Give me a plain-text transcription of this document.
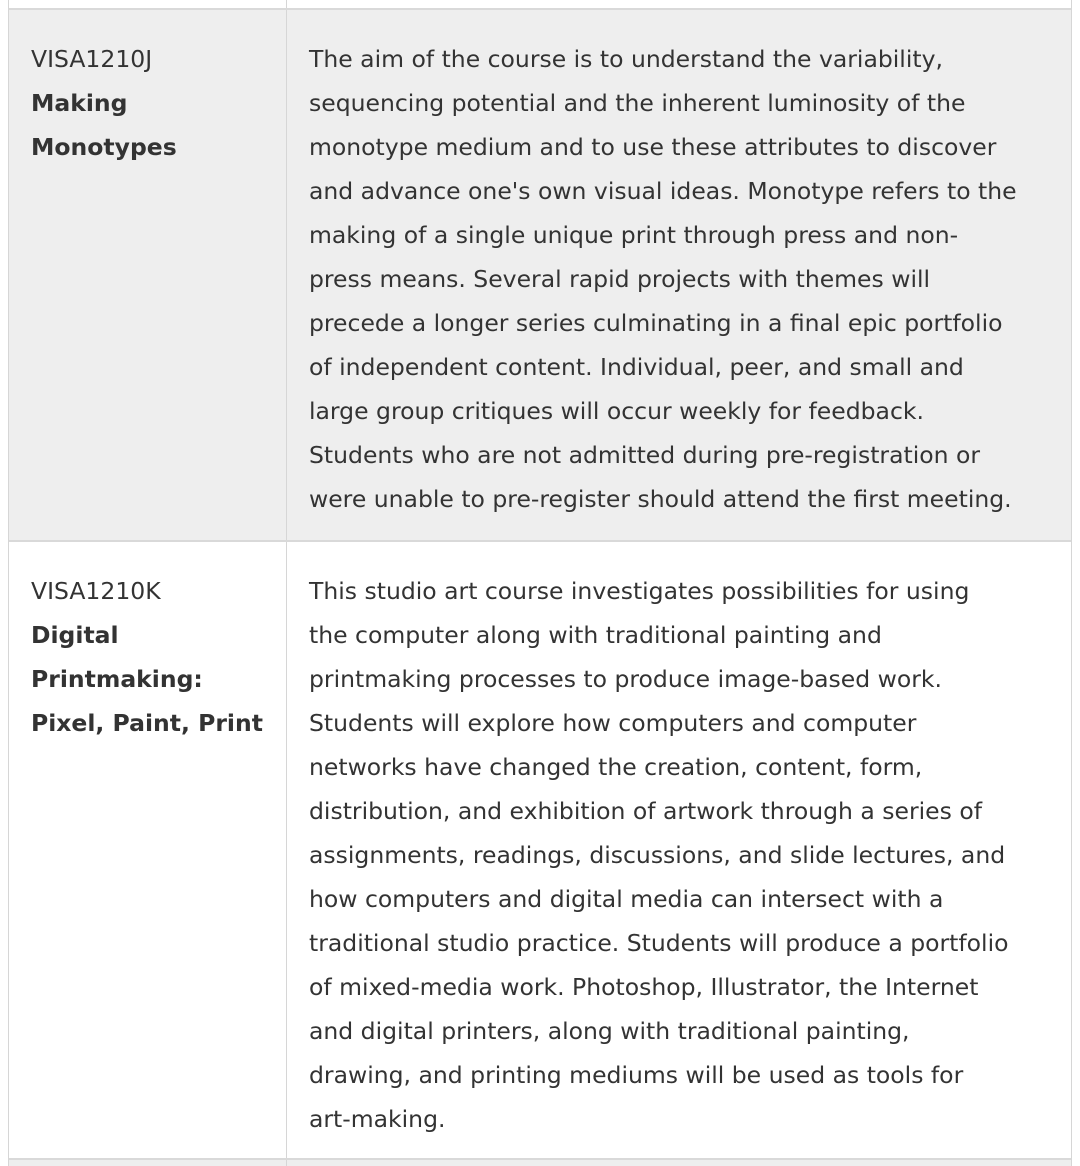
VISA1210J
Making
Monotypes
The aim of the course is to understand the variability,
sequencing potential and the inherent luminosity of the
monotype medium and to use these attributes to discover
and advance one's own visual ideas. Monotype refers to the
making of a single unique print through press and non-
press means. Several rapid projects with themes will
precede a longer series culminating in a final epic portfolio
of independent content. Individual, peer, and small and
large group critiques will occur weekly for feedback.
Students who are not admitted during pre-registration or
were unable to pre-register should attend the first meeting.
VISA1210K
Digital
Printmaking:
Pixel, Paint, Print
This studio art course investigates possibilities for using
the computer along with traditional painting and
printmaking processes to produce image-based work.
Students will explore how computers and computer
networks have changed the creation, content, form,
distribution, and exhibition of artwork through a series of
assignments, readings, discussions, and slide lectures, and
how computers and digital media can intersect with a
traditional studio practice. Students will produce a portfolio
of mixed-media work. Photoshop, Illustrator, the Internet
and digital printers, along with traditional painting,
drawing, and printing mediums will be used as tools for
art-making.
